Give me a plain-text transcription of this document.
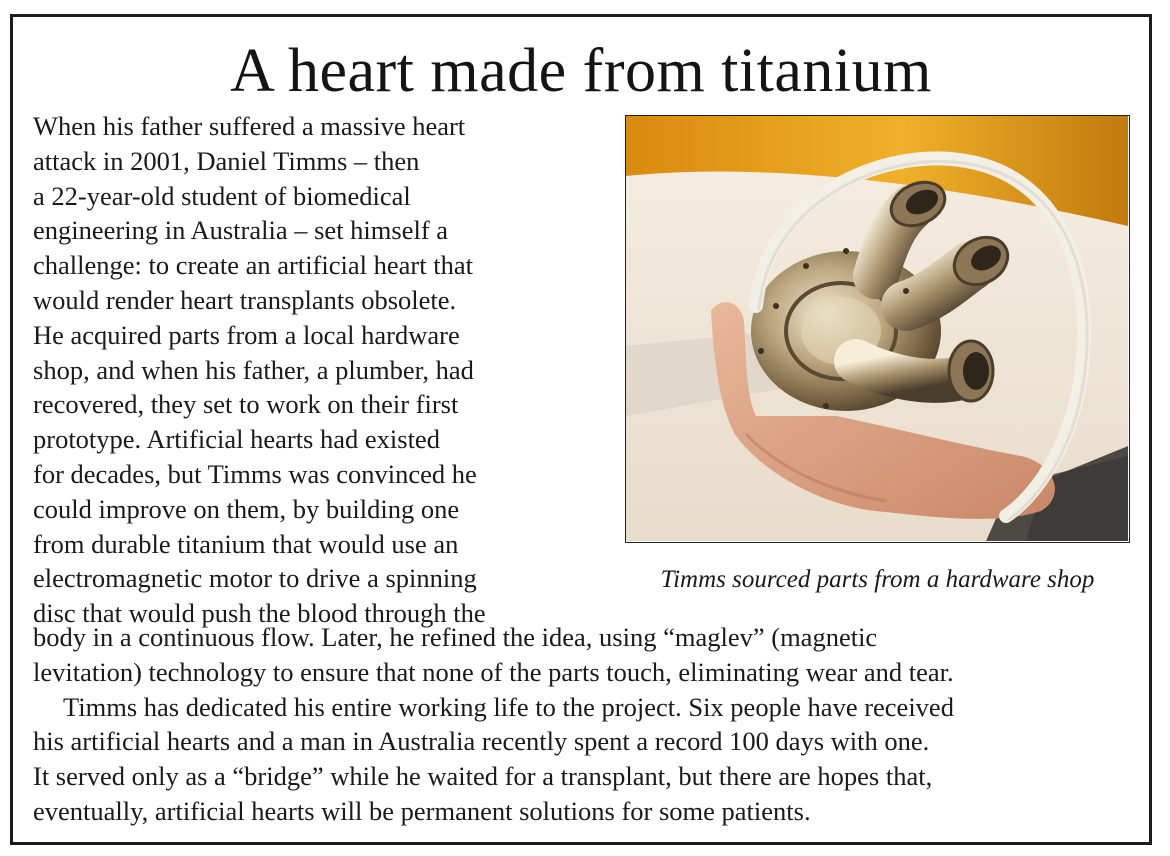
A heart made from titanium
When his father suffered a massive heart
attack in 2001, Daniel Timms – then
a 22-year-old student of biomedical
engineering in Australia – set himself a
challenge: to create an artificial heart that
would render heart transplants obsolete.
He acquired parts from a local hardware
shop, and when his father, a plumber, had
recovered, they set to work on their first
prototype. Artificial hearts had existed
for decades, but Timms was convinced he
could improve on them, by building one
from durable titanium that would use an
electromagnetic motor to drive a spinning
disc that would push the blood through the
body in a continuous flow. Later, he refined the idea, using “maglev” (magnetic
levitation) technology to ensure that none of the parts touch, eliminating wear and tear.
Timms has dedicated his entire working life to the project. Six people have received
his artificial hearts and a man in Australia recently spent a record 100 days with one.
It served only as a “bridge” while he waited for a transplant, but there are hopes that,
eventually, artificial hearts will be permanent solutions for some patients.
Timms sourced parts from a hardware shop
